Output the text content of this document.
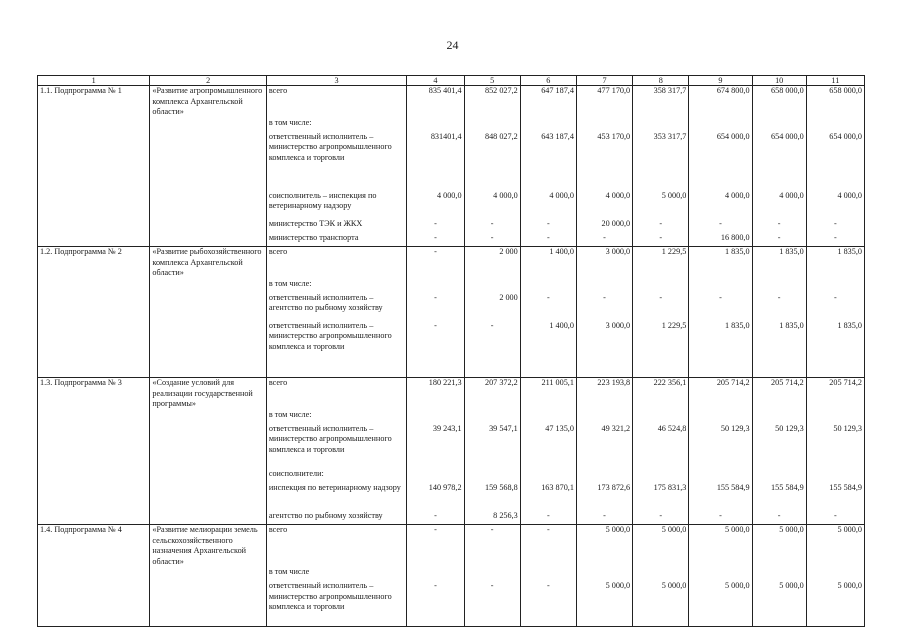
24
1	2	3	4	5	6	7	8	9	10	11
1.1. Подпрограмма № 1	«Развитие агропромышленного комплекса Архангельской области»	всего	835 401,4	852 027,2	647 187,4	477 170,0	358 317,7	674 800,0	658 000,0	658 000,0
		в том числе:								
		ответственный исполнитель – министерство агропромышленного комплекса и торговли	831401,4	848 027,2	643 187,4	453 170,0	353 317,7	654 000,0	654 000,0	654 000,0

		соисполнитель – инспекция по ветеринарному надзору	4 000,0	4 000,0	4 000,0	4 000,0	5 000,0	4 000,0	4 000,0	4 000,0
		министерство ТЭК и ЖКХ	-	-	-	20 000,0	-	-	-	-
		министерство транспорта	-	-	-	-	-	16 800,0	-	-
1.2. Подпрограмма № 2	«Развитие рыбохозяйственного комплекса Архангельской области»	всего	-	2 000	1 400,0	3 000,0	1 229,5	1 835,0	1 835,0	1 835,0
		в том числе:								
		ответственный исполнитель – агентство по рыбному хозяйству	-	2 000	-	-	-	-	-	-
		ответственный исполнитель – министерство агропромышленного комплекса и торговли	-	-	1 400,0	3 000,0	1 229,5	1 835,0	1 835,0	1 835,0

1.3. Подпрограмма № 3	«Создание условий для реализации государственной программы»	всего	180 221,3	207 372,2	211 005,1	223 193,8	222 356,1	205 714,2	205 714,2	205 714,2
		в том числе:								
		ответственный исполнитель – министерство агропромышленного комплекса и торговли	39 243,1	39 547,1	47 135,0	49 321,2	46 524,8	50 129,3	50 129,3	50 129,3
		соисполнители:								
		инспекция по ветеринарному надзору	140 978,2	159 568,8	163 870,1	173 872,6	175 831,3	155 584,9	155 584,9	155 584,9
		агентство по рыбному хозяйству	-	8 256,3	-	-	-	-	-	-
1.4. Подпрограмма № 4	«Развитие мелиорации земель сельскохозяйственного назначения Архангельской области»	всего	-	-	-	5 000,0	5 000,0	5 000,0	5 000,0	5 000,0
		в том числе								
		ответственный исполнитель – министерство агропромышленного комплекса и торговли	-	-	-	5 000,0	5 000,0	5 000,0	5 000,0	5 000,0
